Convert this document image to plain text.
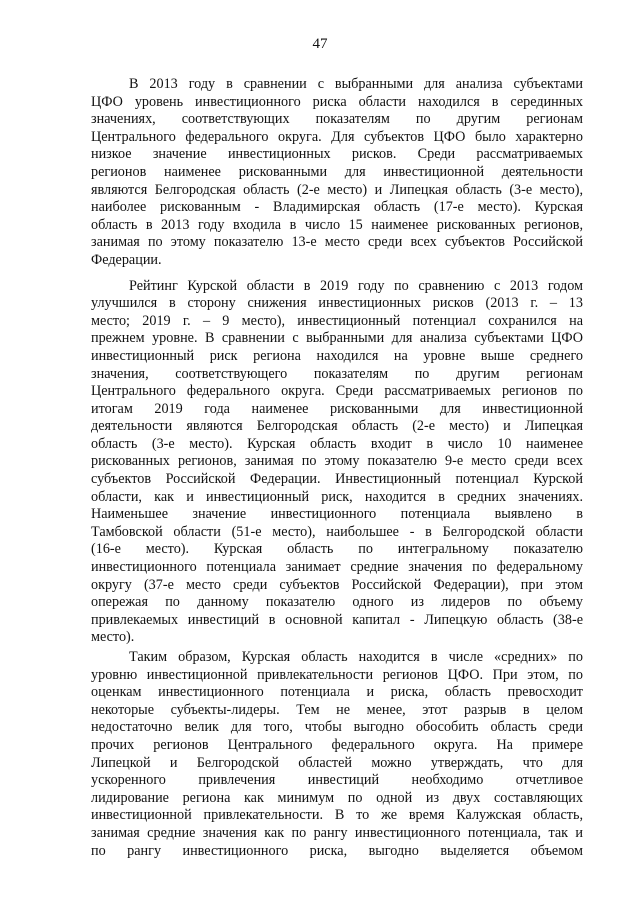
47
В 2013 году в сравнении с выбранными для анализа субъектами
ЦФО уровень инвестиционного риска области находился в серединных
значениях, соответствующих показателям по другим регионам
Центрального федерального округа. Для субъектов ЦФО было характерно
низкое значение инвестиционных рисков. Среди рассматриваемых
регионов наименее рискованными для инвестиционной деятельности
являются Белгородская область (2-е место) и Липецкая область (3-е место),
наиболее рискованным - Владимирская область (17-е место). Курская
область в 2013 году входила в число 15 наименее рискованных регионов,
занимая по этому показателю 13-е место среди всех субъектов Российской
Федерации.
Рейтинг Курской области в 2019 году по сравнению с 2013 годом
улучшился в сторону снижения инвестиционных рисков (2013 г. – 13
место; 2019 г. – 9 место), инвестиционный потенциал сохранился на
прежнем уровне. В сравнении с выбранными для анализа субъектами ЦФО
инвестиционный риск региона находился на уровне выше среднего
значения, соответствующего показателям по другим регионам
Центрального федерального округа. Среди рассматриваемых регионов по
итогам 2019 года наименее рискованными для инвестиционной
деятельности являются Белгородская область (2-е место) и Липецкая
область (3-е место). Курская область входит в число 10 наименее
рискованных регионов, занимая по этому показателю 9-е место среди всех
субъектов Российской Федерации. Инвестиционный потенциал Курской
области, как и инвестиционный риск, находится в средних значениях.
Наименьшее значение инвестиционного потенциала выявлено в
Тамбовской области (51-е место), наибольшее - в Белгородской области
(16-е место). Курская область по интегральному показателю
инвестиционного потенциала занимает средние значения по федеральному
округу (37-е место среди субъектов Российской Федерации), при этом
опережая по данному показателю одного из лидеров по объему
привлекаемых инвестиций в основной капитал - Липецкую область (38-е
место).
Таким образом, Курская область находится в числе «средних» по
уровню инвестиционной привлекательности регионов ЦФО. При этом, по
оценкам инвестиционного потенциала и риска, область превосходит
некоторые субъекты-лидеры. Тем не менее, этот разрыв в целом
недостаточно велик для того, чтобы выгодно обособить область среди
прочих регионов Центрального федерального округа. На примере
Липецкой и Белгородской областей можно утверждать, что для
ускоренного привлечения инвестиций необходимо отчетливое
лидирование региона как минимум по одной из двух составляющих
инвестиционной привлекательности. В то же время Калужская область,
занимая средние значения как по рангу инвестиционного потенциала, так и
по рангу инвестиционного риска, выгодно выделяется объемом
